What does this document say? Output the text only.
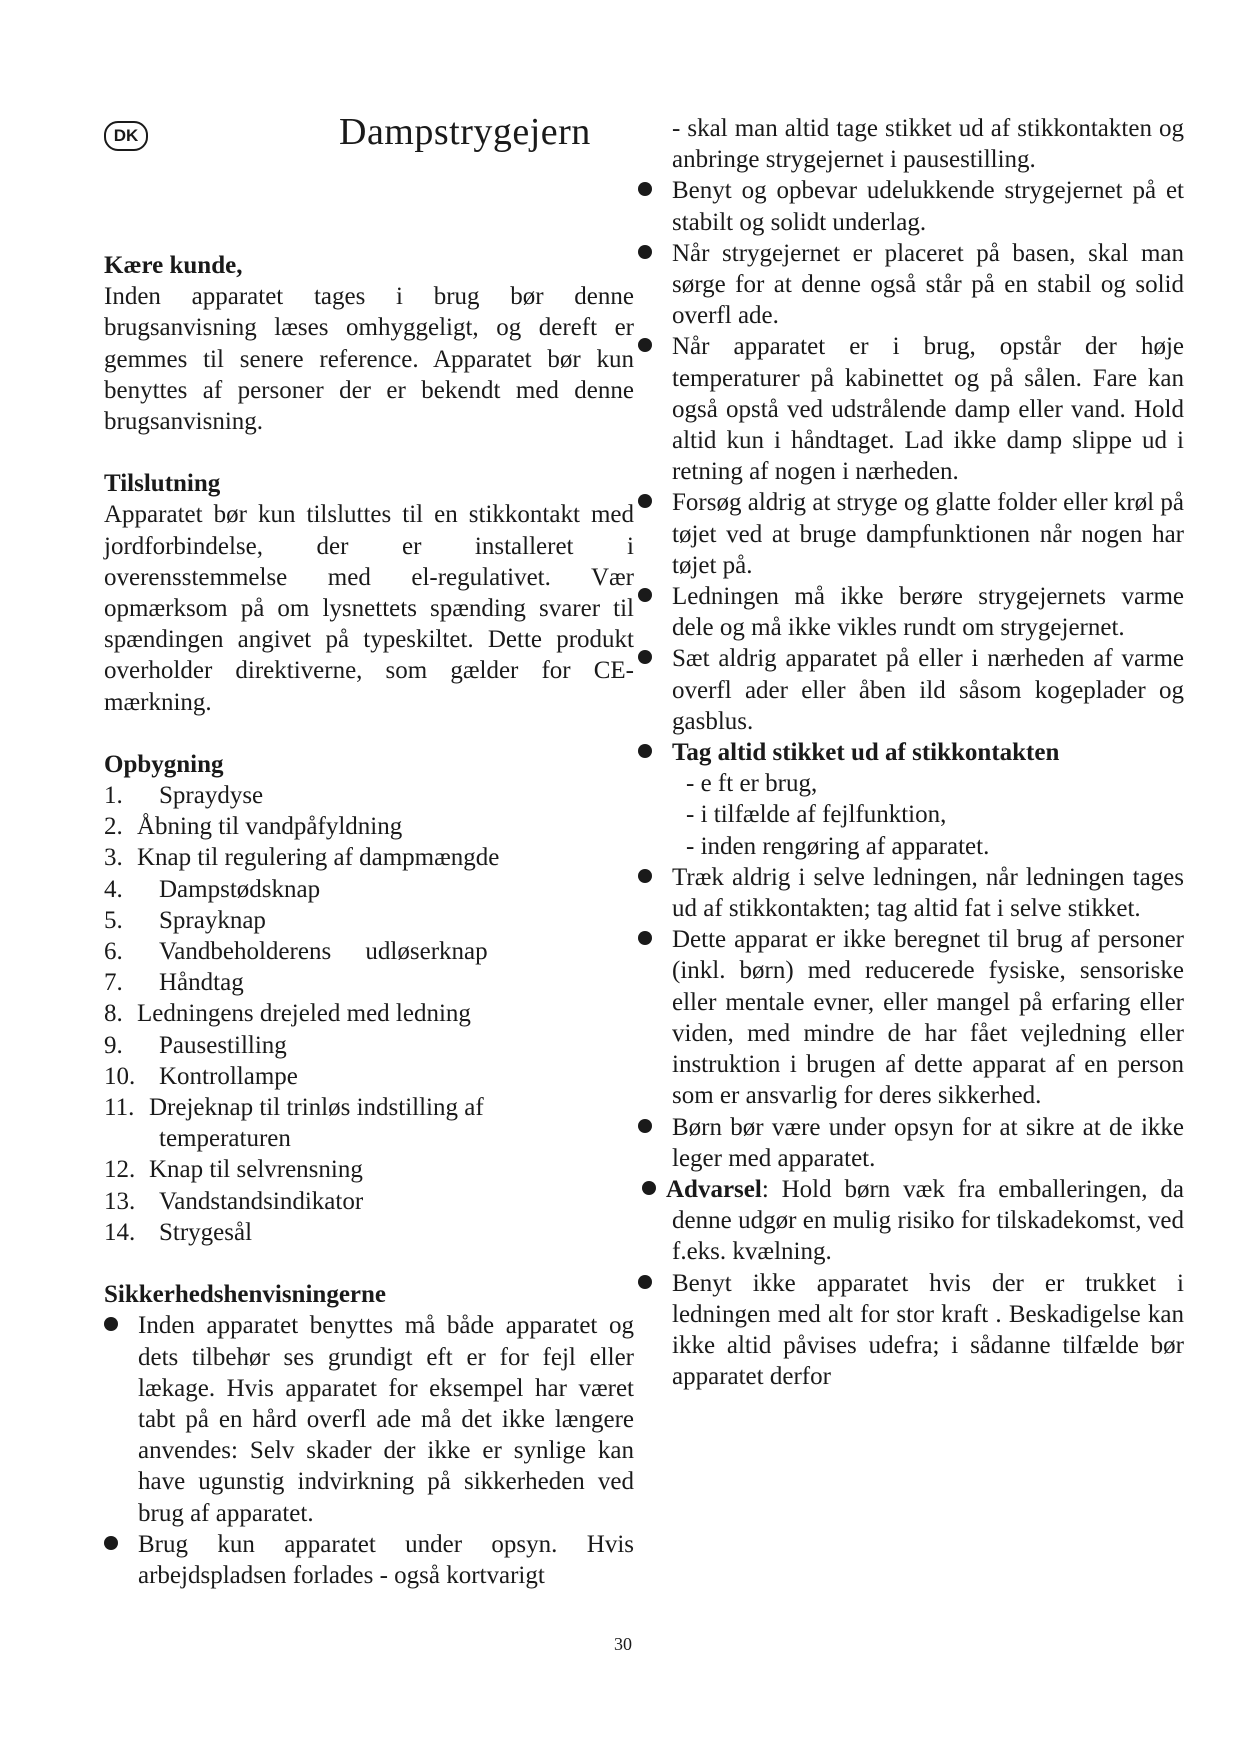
DK	Dampstrygejern

Kære kunde,

Inden apparatet tages i brug bør denne brugsanvisning læses omhyggeligt, og dereft er gemmes til senere reference. Apparatet bør kun benyttes af personer der er bekendt med denne brugsanvisning.

Tilslutning

Apparatet bør kun tilsluttes til en stikkontakt med jordforbindelse, der er installeret i overensstemmelse med el-regulativet. Vær opmærksom på om lysnettets spænding svarer til spændingen angivet på typeskiltet. Dette produkt overholder direktiverne, som gælder for CE-mærkning.

Opbygning

1.	Spraydyse
2. Åbning til vandpåfyldning
3. Knap til regulering af dampmængde
4.	Dampstødsknap
5.	Sprayknap
6.	Vandbeholderens udløserknap
7.	Håndtag
8. Ledningens drejeled med ledning
9.	Pausestilling
10. Kontrollampe
11. Drejeknap til trinløs indstilling af
temperaturen
12. Knap til selvrensning
13. Vandstandsindikator
14. Strygesål

Sikkerhedshenvisningerne

Inden apparatet benyttes må både apparatet og dets tilbehør ses grundigt eft er for fejl eller lækage. Hvis apparatet for eksempel har været tabt på en hård overfl ade må det ikke længere anvendes: Selv skader der ikke er synlige kan have ugunstig indvirkning på sikkerheden ved brug af apparatet.

Brug kun apparatet under opsyn. Hvis arbejdspladsen forlades - også kortvarigt

- skal man altid tage stikket ud af stikkontakten og anbringe strygejernet i pausestilling.

Benyt og opbevar udelukkende strygejernet på et stabilt og solidt underlag.

Når strygejernet er placeret på basen, skal man sørge for at denne også står på en stabil og solid overfl ade.

Når apparatet er i brug, opstår der høje temperaturer på kabinettet og på sålen. Fare kan også opstå ved udstrålende damp eller vand. Hold altid kun i håndtaget. Lad ikke damp slippe ud i retning af nogen i nærheden.

Forsøg aldrig at stryge og glatte folder eller krøl på tøjet ved at bruge dampfunktionen når nogen har tøjet på.

Ledningen må ikke berøre strygejernets varme dele og må ikke vikles rundt om strygejernet.

Sæt aldrig apparatet på eller i nærheden af varme overfl ader eller åben ild såsom kogeplader og gasblus.

Tag altid stikket ud af stikkontakten

- e ft er brug,

- i tilfælde af fejlfunktion,

- inden rengøring af apparatet.

Træk aldrig i selve ledningen, når ledningen tages ud af stikkontakten; tag altid fat i selve stikket.

Dette apparat er ikke beregnet til brug af personer (inkl. børn) med reducerede fysiske, sensoriske eller mentale evner, eller mangel på erfaring eller viden, med mindre de har fået vejledning eller instruktion i brugen af dette apparat af en person som er ansvarlig for deres sikkerhed.

Børn bør være under opsyn for at sikre at de ikke leger med apparatet.

Advarsel: Hold børn væk fra emballeringen, da denne udgør en mulig risiko for tilskadekomst, ved f.eks. kvælning.

Benyt ikke apparatet hvis der er trukket i ledningen med alt for stor kraft . Beskadigelse kan ikke altid påvises udefra; i sådanne tilfælde bør apparatet derfor

30
